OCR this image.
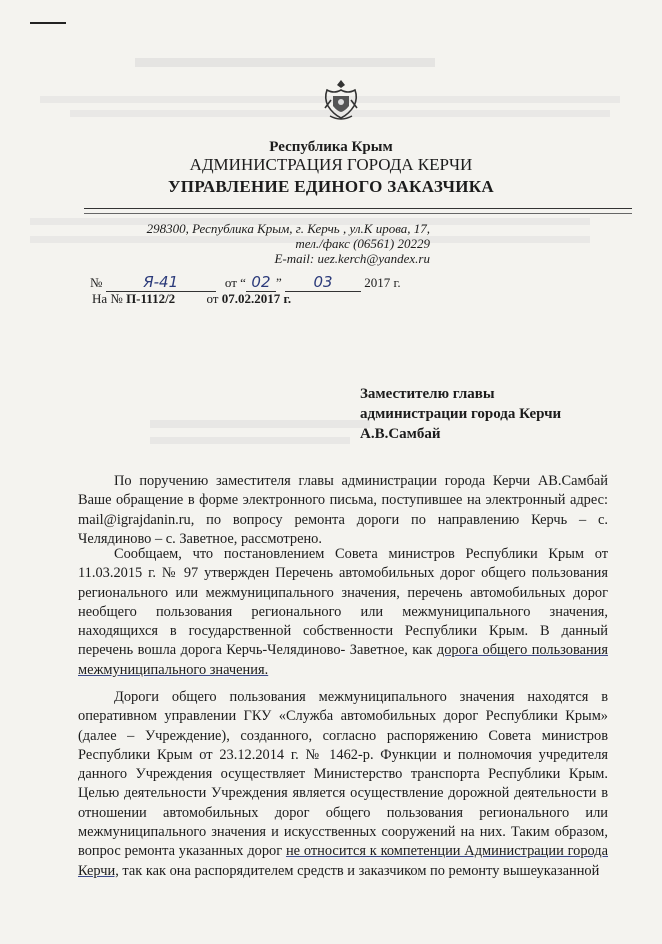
Республика Крым
АДМИНИСТРАЦИЯ ГОРОДА КЕРЧИ
УПРАВЛЕНИЕ ЕДИНОГО ЗАКАЗЧИКА
298300, Республика Крым, г. Керчь , ул.К ирова, 17,
тел./факс (06561) 20229
E-mail: uez.kerch@yandex.ru
№	Я-41	от “ 02 ” 03 2017 г.
На № П-1112/2 от 07.02.2017 г.
Заместителю главы
администрации города Керчи
А.В.Самбай
По поручению заместителя главы администрации города Керчи АВ.Самбай Ваше обращение в форме электронного письма, поступившее на электронный адрес: mail@igrajdanin.ru, по вопросу ремонта дороги по направлению Керчь – с. Челядиново – с. Заветное, рассмотрено.
Сообщаем, что постановлением Совета министров Республики Крым от 11.03.2015 г. № 97 утвержден Перечень автомобильных дорог общего пользования регионального или межмуниципального значения, перечень автомобильных дорог необщего пользования регионального или межмуниципального значения, находящихся в государственной собственности Республики Крым. В данный перечень вошла дорога Керчь-Челядиново- Заветное, как дорога общего пользования межмуниципального значения.
Дороги общего пользования межмуниципального значения находятся в оперативном управлении ГКУ «Служба автомобильных дорог Республики Крым» (далее – Учреждение), созданного, согласно распоряжению Совета министров Республики Крым от 23.12.2014 г. № 1462-р. Функции и полномочия учредителя данного Учреждения осуществляет Министерство транспорта Республики Крым. Целью деятельности Учреждения является осуществление дорожной деятельности в отношении автомобильных дорог общего пользования регионального или межмуниципального значения и искусственных сооружений на них. Таким образом, вопрос ремонта указанных дорог не относится к компетенции Администрации города Керчи, так как она распорядителем средств и заказчиком по ремонту вышеуказанной
